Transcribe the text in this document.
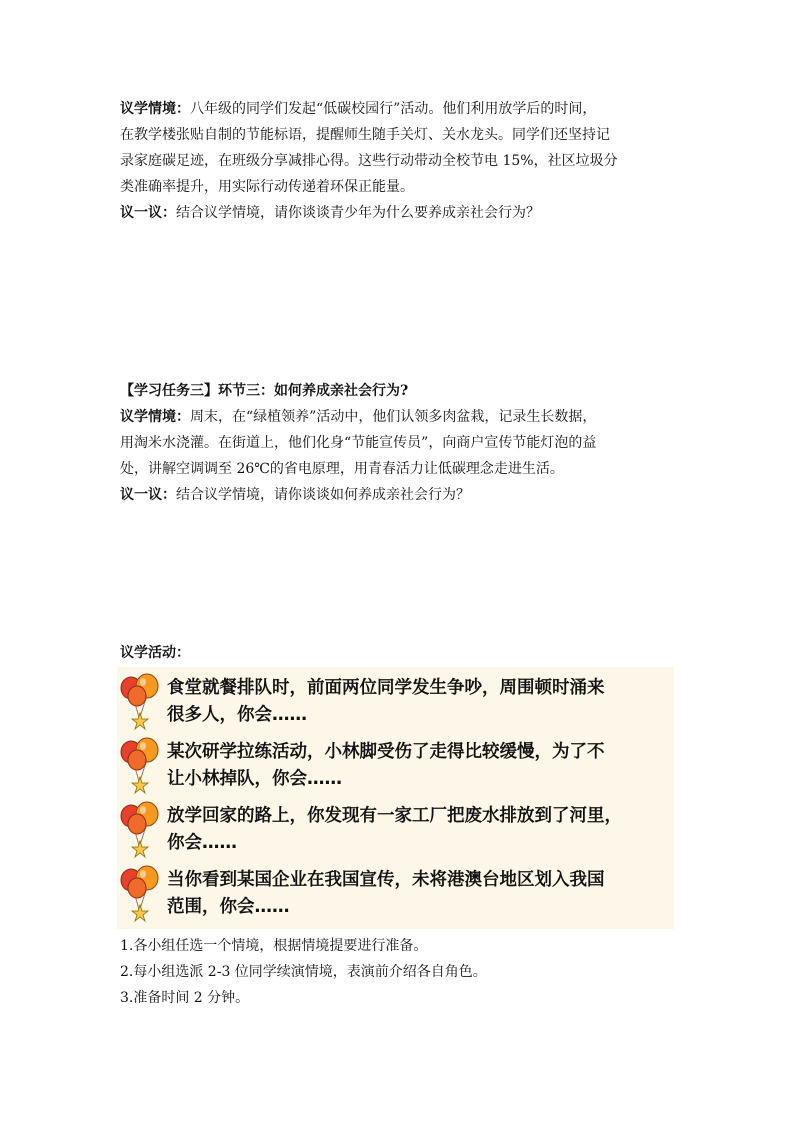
议学情境：八年级的同学们发起“低碳校园行”活动。他们利用放学后的时间，
在教学楼张贴自制的节能标语，提醒师生随手关灯、关水龙头。同学们还坚持记
录家庭碳足迹，在班级分享减排心得。这些行动带动全校节电 15%，社区垃圾分
类准确率提升，用实际行动传递着环保正能量。
议一议：结合议学情境，请你谈谈青少年为什么要养成亲社会行为？
【学习任务三】环节三：如何养成亲社会行为?
议学情境：周末，在“绿植领养”活动中，他们认领多肉盆栽，记录生长数据，
用淘米水浇灌。在街道上，他们化身“节能宣传员”，向商户宣传节能灯泡的益
处，讲解空调调至 26℃的省电原理，用青春活力让低碳理念走进生活。
议一议：结合议学情境，请你谈谈如何养成亲社会行为？
议学活动：
食堂就餐排队时，前面两位同学发生争吵，周围顿时涌来
很多人，你会……
某次研学拉练活动，小林脚受伤了走得比较缓慢，为了不
让小林掉队，你会……
放学回家的路上，你发现有一家工厂把废水排放到了河里，
你会……
当你看到某国企业在我国宣传，未将港澳台地区划入我国
范围，你会……
1.各小组任选一个情境，根据情境提要进行准备。
2.每小组选派 2-3 位同学续演情境，表演前介绍各自角色。
3.准备时间 2 分钟。
